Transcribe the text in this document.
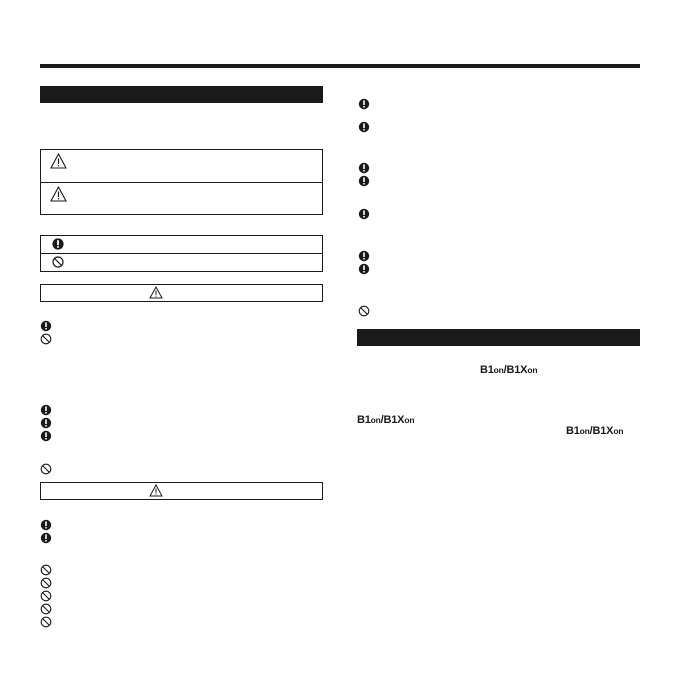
B1on/B1Xon
B1on/B1Xon
B1on/B1Xon
